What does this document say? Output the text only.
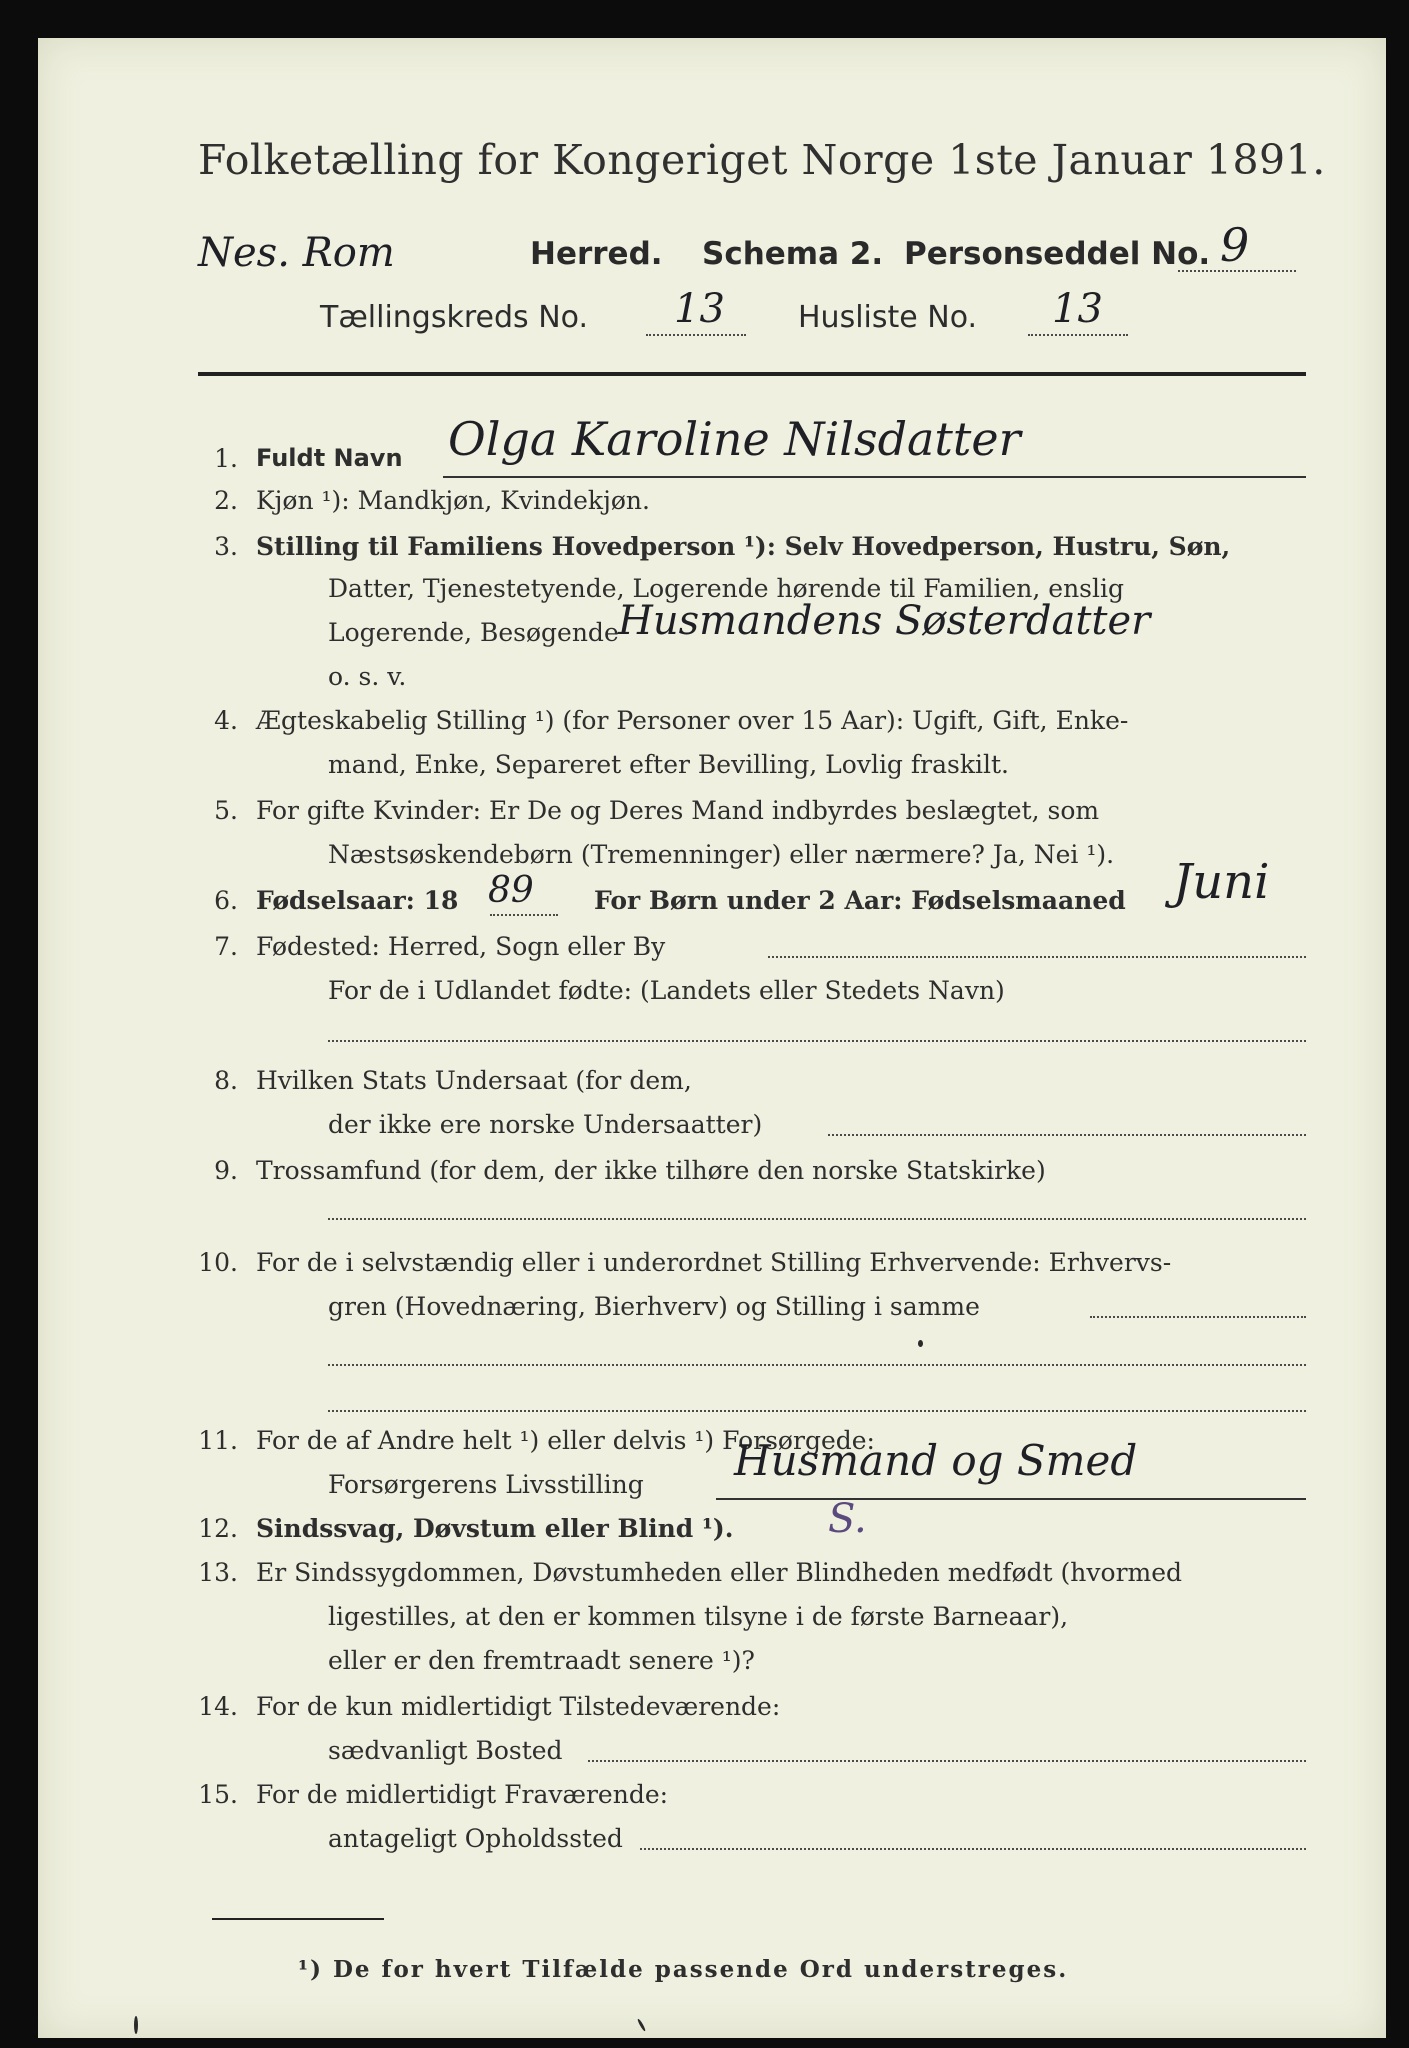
Folketælling for Kongeriget Norge 1ste Januar 1891.
Nes. Rom	Herred. Schema 2. Personseddel No. 9
Tællingskreds No. 13 Husliste No. 13
1. Fuldt Navn Olga Karoline Nilsdatter
2. Kjøn ¹): Mandkjøn, Kvindekjøn.
3. Stilling til Familiens Hovedperson ¹): Selv Hovedperson, Hustru, Søn,
Datter, Tjenestetyende, Logerende hørende til Familien, enslig
Logerende, Besøgende Husmandens Søsterdatter
o. s. v.
4. Ægteskabelig Stilling ¹) (for Personer over 15 Aar): Ugift, Gift, Enke-
mand, Enke, Separeret efter Bevilling, Lovlig fraskilt.
5. For gifte Kvinder: Er De og Deres Mand indbyrdes beslægtet, som
Næstsøskendebørn (Tremenninger) eller nærmere? Ja, Nei ¹).
6. Fødselsaar: 18 89 For Børn under 2 Aar: Fødselsmaaned Juni
7. Fødested: Herred, Sogn eller By
For de i Udlandet fødte: (Landets eller Stedets Navn)
8. Hvilken Stats Undersaat (for dem,
der ikke ere norske Undersaatter)
9. Trossamfund (for dem, der ikke tilhøre den norske Statskirke)
10. For de i selvstændig eller i underordnet Stilling Erhvervende: Erhvervs-
gren (Hovednæring, Bierhverv) og Stilling i samme
11. For de af Andre helt ¹) eller delvis ¹) Forsørgede:
Forsørgerens Livsstilling Husmand og Smed
12. Sindssvag, Døvstum eller Blind ¹). S.
13. Er Sindssygdommen, Døvstumheden eller Blindheden medfødt (hvormed
ligestilles, at den er kommen tilsyne i de første Barneaar),
eller er den fremtraadt senere ¹)?
14. For de kun midlertidigt Tilstedeværende:
sædvanligt Bosted
15. For de midlertidigt Fraværende:
antageligt Opholdssted
¹) De for hvert Tilfælde passende Ord understreges.
